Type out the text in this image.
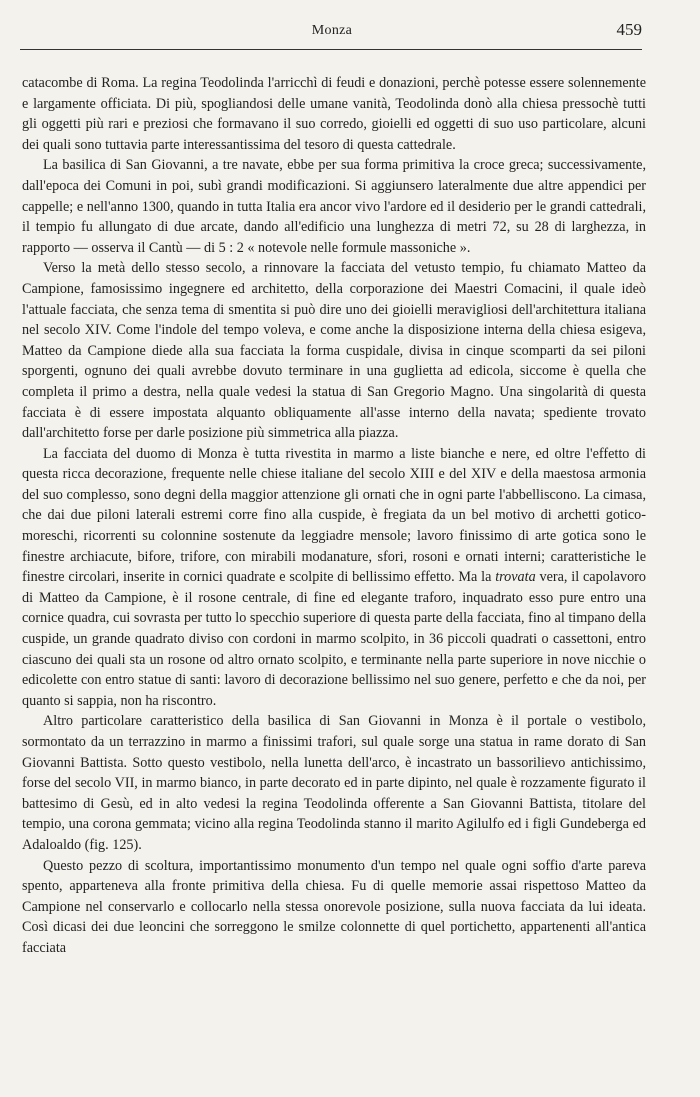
Monza	459

catacombe di Roma. La regina Teodolinda l'arricchì di feudi e donazioni, perchè potesse essere solennemente e largamente officiata. Di più, spogliandosi delle umane vanità, Teodolinda donò alla chiesa pressochè tutti gli oggetti più rari e preziosi che formavano il suo corredo, gioielli ed oggetti di suo uso particolare, alcuni dei quali sono tuttavia parte interessantissima del tesoro di questa cattedrale.

La basilica di San Giovanni, a tre navate, ebbe per sua forma primitiva la croce greca; successivamente, dall'epoca dei Comuni in poi, subì grandi modificazioni. Si aggiunsero lateralmente due altre appendici per cappelle; e nell'anno 1300, quando in tutta Italia era ancor vivo l'ardore ed il desiderio per le grandi cattedrali, il tempio fu allungato di due arcate, dando all'edificio una lunghezza di metri 72, su 28 di larghezza, in rapporto — osserva il Cantù — di 5 : 2 « notevole nelle formule massoniche ».

Verso la metà dello stesso secolo, a rinnovare la facciata del vetusto tempio, fu chiamato Matteo da Campione, famosissimo ingegnere ed architetto, della corporazione dei Maestri Comacini, il quale ideò l'attuale facciata, che senza tema di smentita si può dire uno dei gioielli meravigliosi dell'architettura italiana nel secolo XIV. Come l'indole del tempo voleva, e come anche la disposizione interna della chiesa esigeva, Matteo da Campione diede alla sua facciata la forma cuspidale, divisa in cinque scomparti da sei piloni sporgenti, ognuno dei quali avrebbe dovuto terminare in una guglietta ad edicola, siccome è quella che completa il primo a destra, nella quale vedesi la statua di San Gregorio Magno. Una singolarità di questa facciata è di essere impostata alquanto obliquamente all'asse interno della navata; spediente trovato dall'architetto forse per darle posizione più simmetrica alla piazza.

La facciata del duomo di Monza è tutta rivestita in marmo a liste bianche e nere, ed oltre l'effetto di questa ricca decorazione, frequente nelle chiese italiane del secolo XIII e del XIV e della maestosa armonia del suo complesso, sono degni della maggior attenzione gli ornati che in ogni parte l'abbelliscono. La cimasa, che dai due piloni laterali estremi corre fino alla cuspide, è fregiata da un bel motivo di archetti gotico-moreschi, ricorrenti su colonnine sostenute da leggiadre mensole; lavoro finissimo di arte gotica sono le finestre archiacute, bifore, trifore, con mirabili modanature, sfori, rosoni e ornati interni; caratteristiche le finestre circolari, inserite in cornici quadrate e scolpite di bellissimo effetto. Ma la trovata vera, il capolavoro di Matteo da Campione, è il rosone centrale, di fine ed elegante traforo, inquadrato esso pure entro una cornice quadra, cui sovrasta per tutto lo specchio superiore di questa parte della facciata, fino al timpano della cuspide, un grande quadrato diviso con cordoni in marmo scolpito, in 36 piccoli quadrati o cassettoni, entro ciascuno dei quali sta un rosone od altro ornato scolpito, e terminante nella parte superiore in nove nicchie o edicolette con entro statue di santi: lavoro di decorazione bellissimo nel suo genere, perfetto e che da noi, per quanto si sappia, non ha riscontro.

Altro particolare caratteristico della basilica di San Giovanni in Monza è il portale o vestibolo, sormontato da un terrazzino in marmo a finissimi trafori, sul quale sorge una statua in rame dorato di San Giovanni Battista. Sotto questo vestibolo, nella lunetta dell'arco, è incastrato un bassorilievo antichissimo, forse del secolo VII, in marmo bianco, in parte decorato ed in parte dipinto, nel quale è rozzamente figurato il battesimo di Gesù, ed in alto vedesi la regina Teodolinda offerente a San Giovanni Battista, titolare del tempio, una corona gemmata; vicino alla regina Teodolinda stanno il marito Agilulfo ed i figli Gundeberga ed Adaloaldo (fig. 125).

Questo pezzo di scoltura, importantissimo monumento d'un tempo nel quale ogni soffio d'arte pareva spento, apparteneva alla fronte primitiva della chiesa. Fu di quelle memorie assai rispettoso Matteo da Campione nel conservarlo e collocarlo nella stessa onorevole posizione, sulla nuova facciata da lui ideata. Così dicasi dei due leoncini che sorreggono le smilze colonnette di quel portichetto, appartenenti all'antica facciata
